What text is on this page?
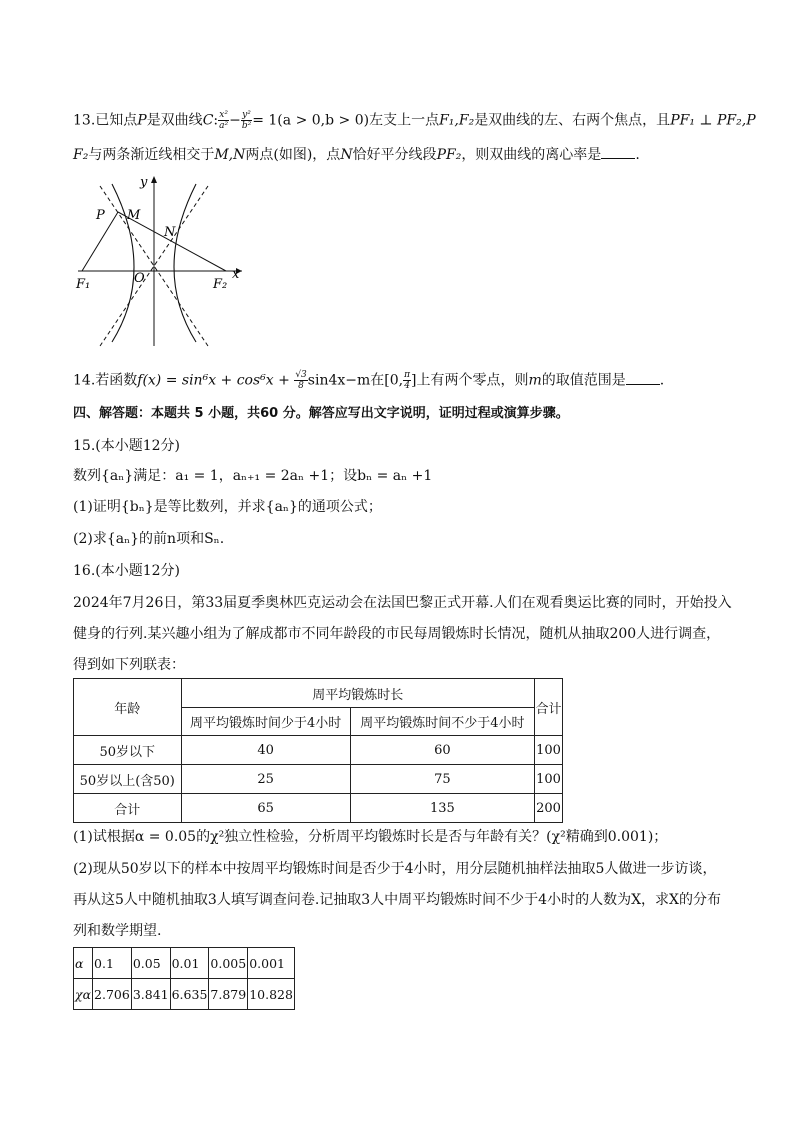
13.已知点P是双曲线C: $\frac{\text{x²}}{\text{a²}} - \frac{\text{y²}}{\text{b²}} = 1(a > 0,b > 0)$左支上一点F₁,F₂是双曲线的左、右两个焦点，且PF₁ ⊥ PF₂,P
F₂与两条渐近线相交于M,N两点(如图)，点N恰好平分线段PF₂，则双曲线的离心率是 .
y
x
P M
N
F₁	O	F₂
14.若函数$f(x) = \sin^6x + \cos^6x + \frac{√3}{8} \sin 4x-m$在[0, $\frac{\pi}{4}$ ]上有两个零点，则m的取值范围是 .
四、解答题：本题共 5 小题，共60 分。解答应写出文字说明，证明过程或演算步骤。
15.(本小题12分)
数列{aₙ}满足：a₁ = 1，aₙ₊₁ = 2aₙ +1；设bₙ = aₙ +1
(1)证明{bₙ}是等比数列，并求{aₙ}的通项公式；
(2)求{aₙ}的前n项和Sₙ.
16.(本小题12分)
2024年7月26日，第33届夏季奥林匹克运动会在法国巴黎正式开幕.人们在观看奥运比赛的同时，开始投入
健身的行列.某兴趣小组为了解成都市不同年龄段的市民每周锻炼时长情况，随机从抽取200人进行调查，
得到如下列联表：
年龄	周平均锻炼时长		合计
	周平均锻炼时间少于4小时	周平均锻炼时间不少于4小时	
50岁以下	40	60	100
50岁以上(含50)	25	75	100
合计	65	135	200
(1)试根据α = 0.05的χ²独立性检验，分析周平均锻炼时长是否与年龄有关？(χ²精确到0.001)；
(2)现从50岁以下的样本中按周平均锻炼时间是否少于4小时，用分层随机抽样法抽取5人做进一步访谈，
再从这5人中随机抽取3人填写调查问卷.记抽取3人中周平均锻炼时间不少于4小时的人数为X，求X的分布
列和数学期望.
α	0.1	0.05	0.01	0.005	0.001
χα	2.706	3.841	6.635	7.879	10.828
